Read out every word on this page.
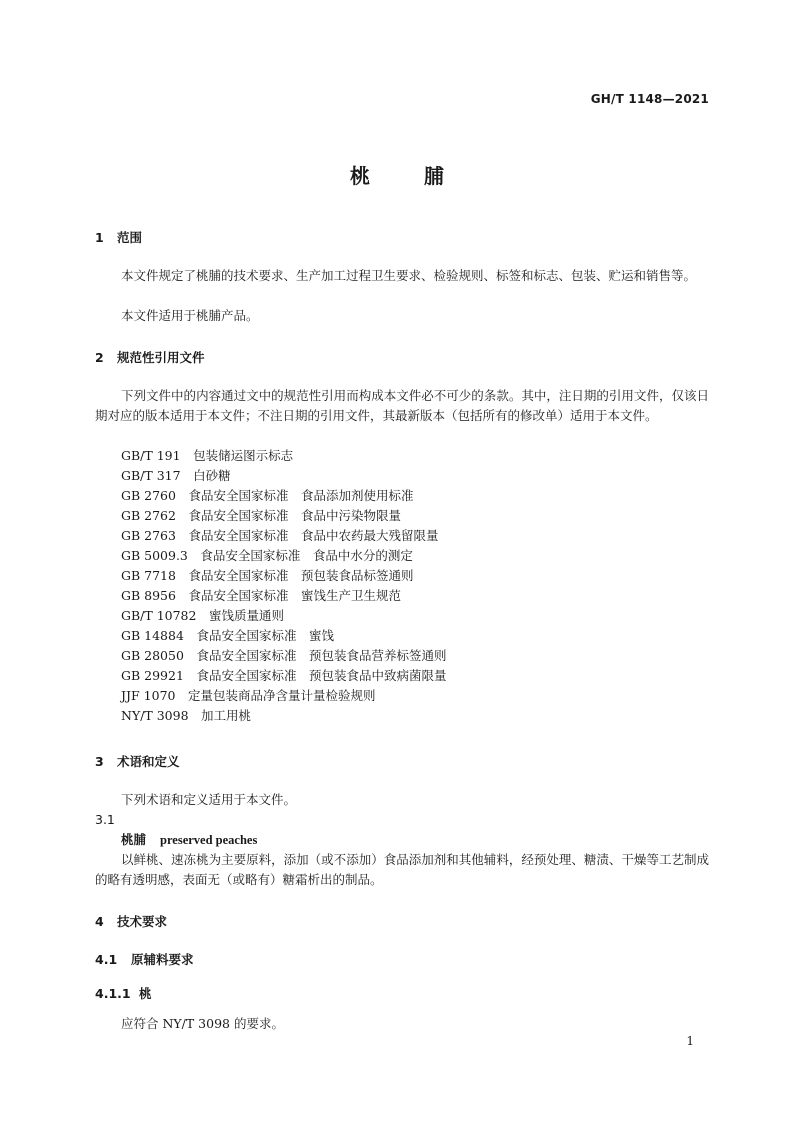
GH/T 1148—2021
桃	脯
1 范围
本文件规定了桃脯的技术要求、生产加工过程卫生要求、检验规则、标签和标志、包装、贮运和销售等。
本文件适用于桃脯产品。
2 规范性引用文件
下列文件中的内容通过文中的规范性引用而构成本文件必不可少的条款。其中，注日期的引用文件，仅该日期对应的版本适用于本文件；不注日期的引用文件，其最新版本（包括所有的修改单）适用于本文件。
GB/T 191　 包装储运图示标志
GB/T 317　 白砂糖
GB 2760　 食品安全国家标准　食品添加剂使用标准
GB 2762　 食品安全国家标准　食品中污染物限量
GB 2763　 食品安全国家标准　食品中农药最大残留限量
GB 5009.3　 食品安全国家标准　食品中水分的测定
GB 7718　 食品安全国家标准　预包装食品标签通则
GB 8956　 食品安全国家标准　蜜饯生产卫生规范
GB/T 10782　 蜜饯质量通则
GB 14884　 食品安全国家标准　蜜饯
GB 28050　 食品安全国家标准　预包装食品营养标签通则
GB 29921　 食品安全国家标准　预包装食品中致病菌限量
JJF 1070　 定量包装商品净含量计量检验规则
NY/T 3098　 加工用桃
3 术语和定义
下列术语和定义适用于本文件。
3.1
桃脯 preserved peaches
以鲜桃、速冻桃为主要原料，添加（或不添加）食品添加剂和其他辅料，经预处理、糖渍、干燥等工艺制成的略有透明感，表面无（或略有）糖霜析出的制品。
4 技术要求
4.1 原辅料要求
4.1.1 桃
应符合 NY/T 3098 的要求。
1
